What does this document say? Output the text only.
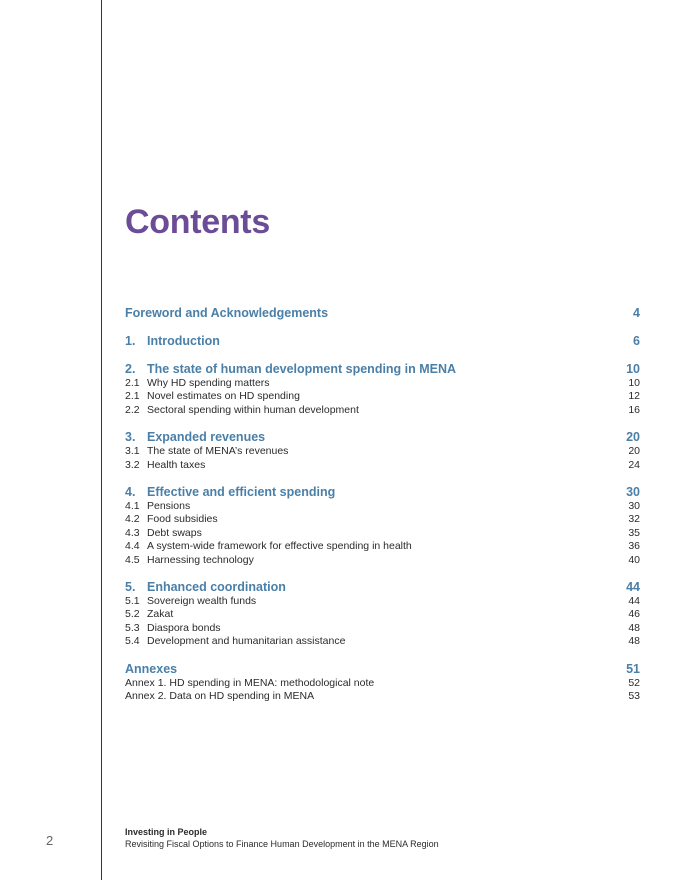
2
Contents
Foreword and Acknowledgements	4
1. Introduction	6
2. The state of human development spending in MENA	10
2.1 Why HD spending matters	10
2.1 Novel estimates on HD spending	12
2.2 Sectoral spending within human development	16
3. Expanded revenues	20
3.1 The state of MENA’s revenues	20
3.2 Health taxes	24
4. Effective and efficient spending	30
4.1 Pensions	30
4.2 Food subsidies	32
4.3 Debt swaps	35
4.4 A system-wide framework for effective spending in health	36
4.5 Harnessing technology	40
5. Enhanced coordination	44
5.1 Sovereign wealth funds	44
5.2 Zakat	46
5.3 Diaspora bonds	48
5.4 Development and humanitarian assistance	48
Annexes	51
Annex 1. HD spending in MENA: methodological note	52
Annex 2. Data on HD spending in MENA	53
Investing in People
Revisiting Fiscal Options to Finance Human Development in the MENA Region
